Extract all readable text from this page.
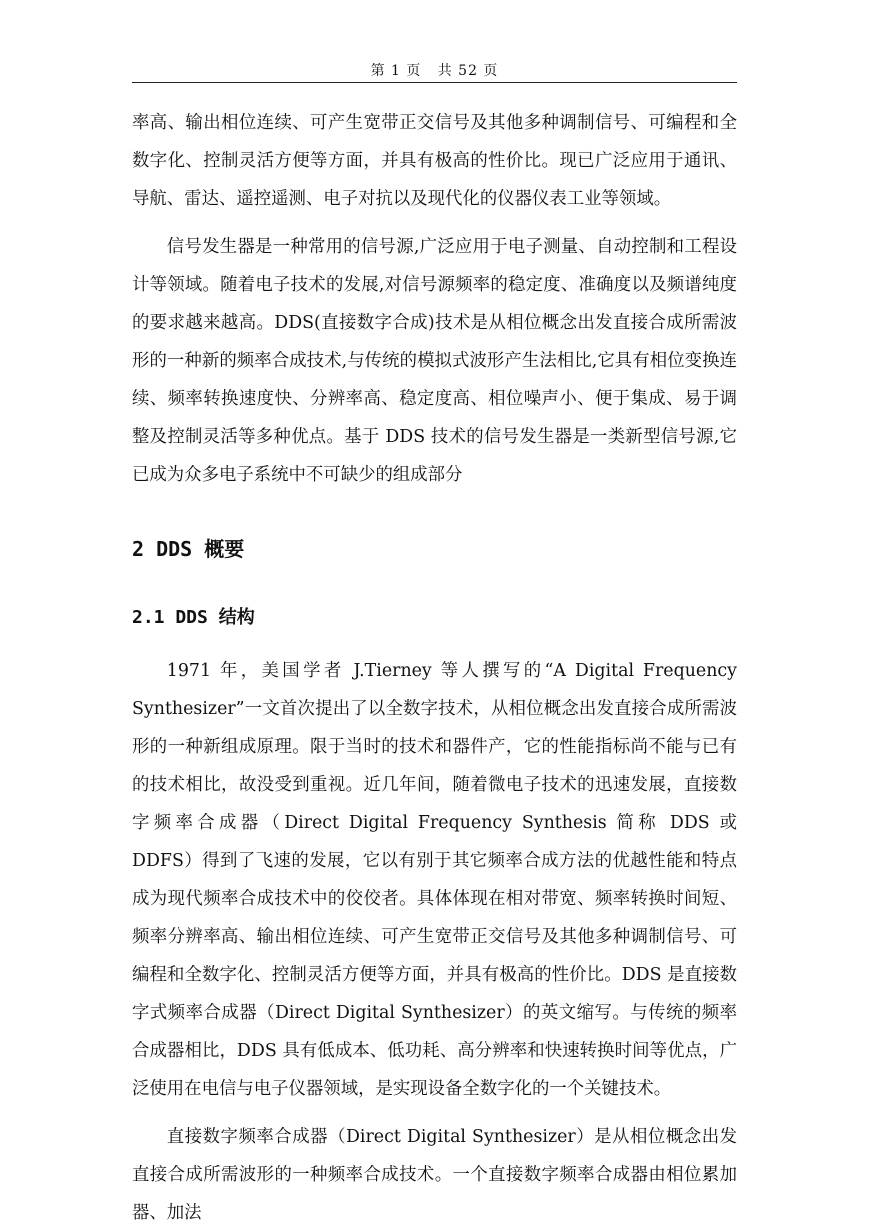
第 1 页   共 52 页

率高、输出相位连续、可产生宽带正交信号及其他多种调制信号、可编程和全数字化、控制灵活方便等方面，并具有极高的性价比。现已广泛应用于通讯、导航、雷达、遥控遥测、电子对抗以及现代化的仪器仪表工业等领域。

信号发生器是一种常用的信号源,广泛应用于电子测量、自动控制和工程设计等领域。随着电子技术的发展,对信号源频率的稳定度、准确度以及频谱纯度的要求越来越高。DDS(直接数字合成)技术是从相位概念出发直接合成所需波形的一种新的频率合成技术,与传统的模拟式波形产生法相比,它具有相位变换连续、频率转换速度快、分辨率高、稳定度高、相位噪声小、便于集成、易于调整及控制灵活等多种优点。基于 DDS 技术的信号发生器是一类新型信号源,它已成为众多电子系统中不可缺少的组成部分

2 DDS 概要
2.1 DDS 结构

1971 年，美国学者 J.Tierney 等人撰写的“A Digital Frequency Synthesizer”一文首次提出了以全数字技术，从相位概念出发直接合成所需波形的一种新组成原理。限于当时的技术和器件产，它的性能指标尚不能与已有的技术相比，故没受到重视。近几年间，随着微电子技术的迅速发展，直接数字频率合成器（Direct Digital Frequency Synthesis 简称 DDS 或 DDFS）得到了飞速的发展，它以有别于其它频率合成方法的优越性能和特点成为现代频率合成技术中的佼佼者。具体体现在相对带宽、频率转换时间短、频率分辨率高、输出相位连续、可产生宽带正交信号及其他多种调制信号、可编程和全数字化、控制灵活方便等方面，并具有极高的性价比。DDS 是直接数字式频率合成器（Direct Digital Synthesizer）的英文缩写。与传统的频率合成器相比，DDS 具有低成本、低功耗、高分辨率和快速转换时间等优点，广泛使用在电信与电子仪器领域，是实现设备全数字化的一个关键技术。

直接数字频率合成器（Direct Digital Synthesizer）是从相位概念出发直接合成所需波形的一种频率合成技术。一个直接数字频率合成器由相位累加器、加法
